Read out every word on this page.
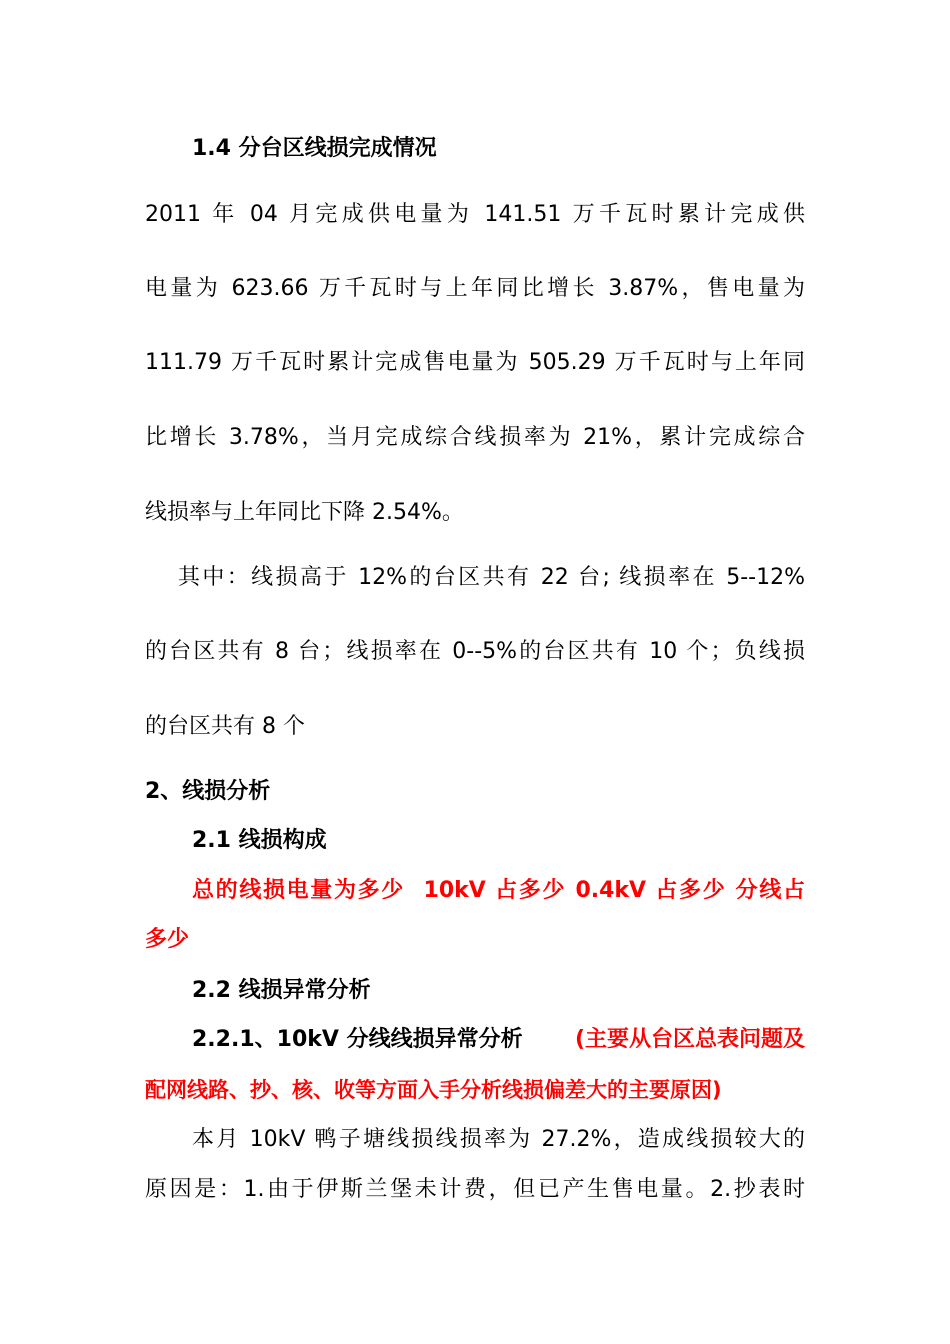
1.4 分台区线损完成情况
2011 年 04 月完成供电量为 141.51 万千瓦时累计完成供
电量为 623.66 万千瓦时与上年同比增长 3.87%，售电量为
111.79 万千瓦时累计完成售电量为 505.29 万千瓦时与上年同
比增长 3.78%，当月完成综合线损率为 21%，累计完成综合
线损率与上年同比下降 2.54%。
其中：线损高于 12%的台区共有 22 台; 线损率在 5--12%
的台区共有 8 台；线损率在 0--5%的台区共有 10 个；负线损
的台区共有 8 个
2、线损分析
2.1 线损构成
总的线损电量为多少  10kV 占多少 0.4kV 占多少 分线占
多少
2.2 线损异常分析
2.2.1、10kV 分线线损异常分析 (主要从台区总表问题及
配网线路、抄、核、收等方面入手分析线损偏差大的主要原因)
本月 10kV 鸭子塘线损线损率为 27.2%，造成线损较大的
原因是：1.由于伊斯兰堡未计费，但已产生售电量。2.抄表时
